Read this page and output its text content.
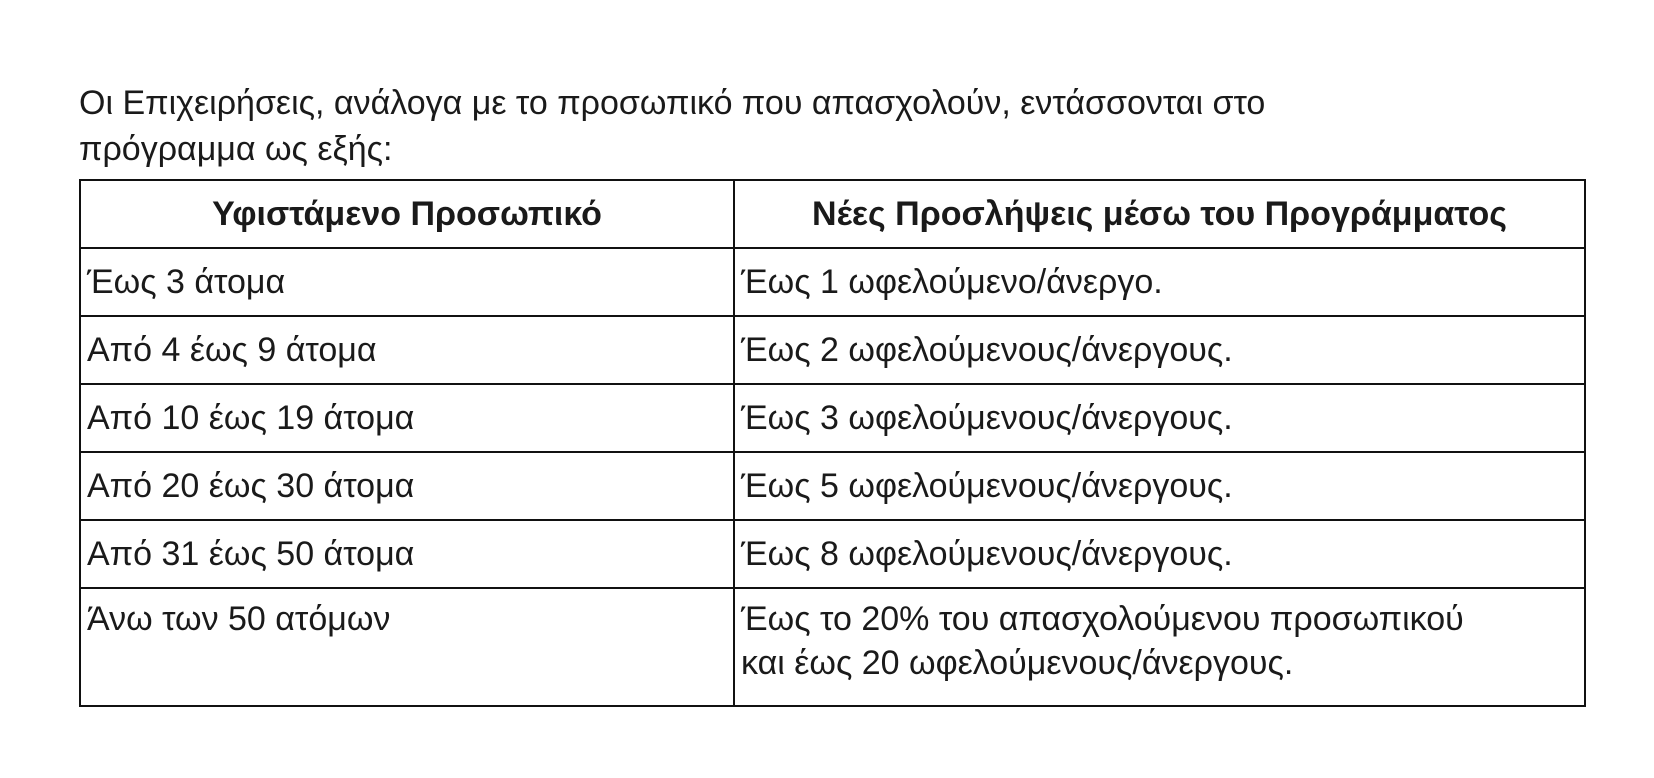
Οι Επιχειρήσεις, ανάλογα με το προσωπικό που απασχολούν, εντάσσονται στο
πρόγραμμα ως εξής:

Υφιστάμενο Προσωπικό	Νέες Προσλήψεις μέσω του Προγράμματος
Έως 3 άτομα	Έως 1 ωφελούμενο/άνεργο.

Από 4 έως 9 άτομα	Έως 2 ωφελούμενους/άνεργους.

Από 10 έως 19 άτομα	Έως 3 ωφελούμενους/άνεργους.

Από 20 έως 30 άτομα	Έως 5 ωφελούμενους/άνεργους.

Από 31 έως 50 άτομα	Έως 8 ωφελούμενους/άνεργους.

Άνω των 50 ατόμων	Έως το 20% του απασχολούμενου προσωπικού
και έως 20 ωφελούμενους/άνεργους.
